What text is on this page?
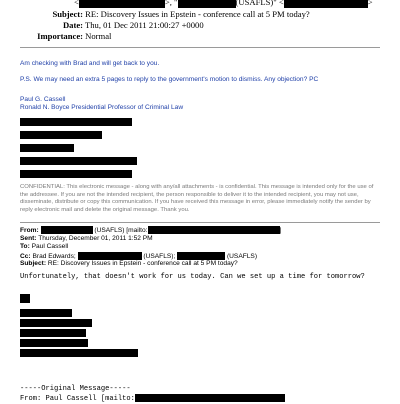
<	>, "	(USAFLS)" <	>
Subject: RE: Discovery Issues in Epstein - conference call at 5 PM today?
Date: Thu, 01 Dec 2011 21:00:27 +0000
Importance: Normal
Am checking with Brad and will get back to you.
P.S. We may need an extra 5 pages to reply to the government's motion to dismiss. Any objection? PC
Paul G. Cassell
Ronald N. Boyce Presidential Professor of Criminal Law
CONFIDENTIAL: This electronic message - along with any/all attachments - is confidential. This message is intended only for the use of the addressee. If you are not the intended recipient, the person responsible to deliver it to the intended recipient, you may not use, disseminate, distribute or copy this communication. If you have received this message in error, please immediately notify the sender by reply electronic mail and delete the original message. Thank you.
From:	(USAFLS) [mailto:	]
Sent: Thursday, December 01, 2011 1:52 PM
To: Paul Cassell
Cc: Brad Edwards;	(USAFLS);	(USAFLS)
Subject: RE: Discovery Issues in Epstein - conference call at 5 PM today?
Unfortunately, that doesn't work for us today. Can we set up a time for tomorrow?
-----Original Message-----
From: Paul Cassell [mailto:
